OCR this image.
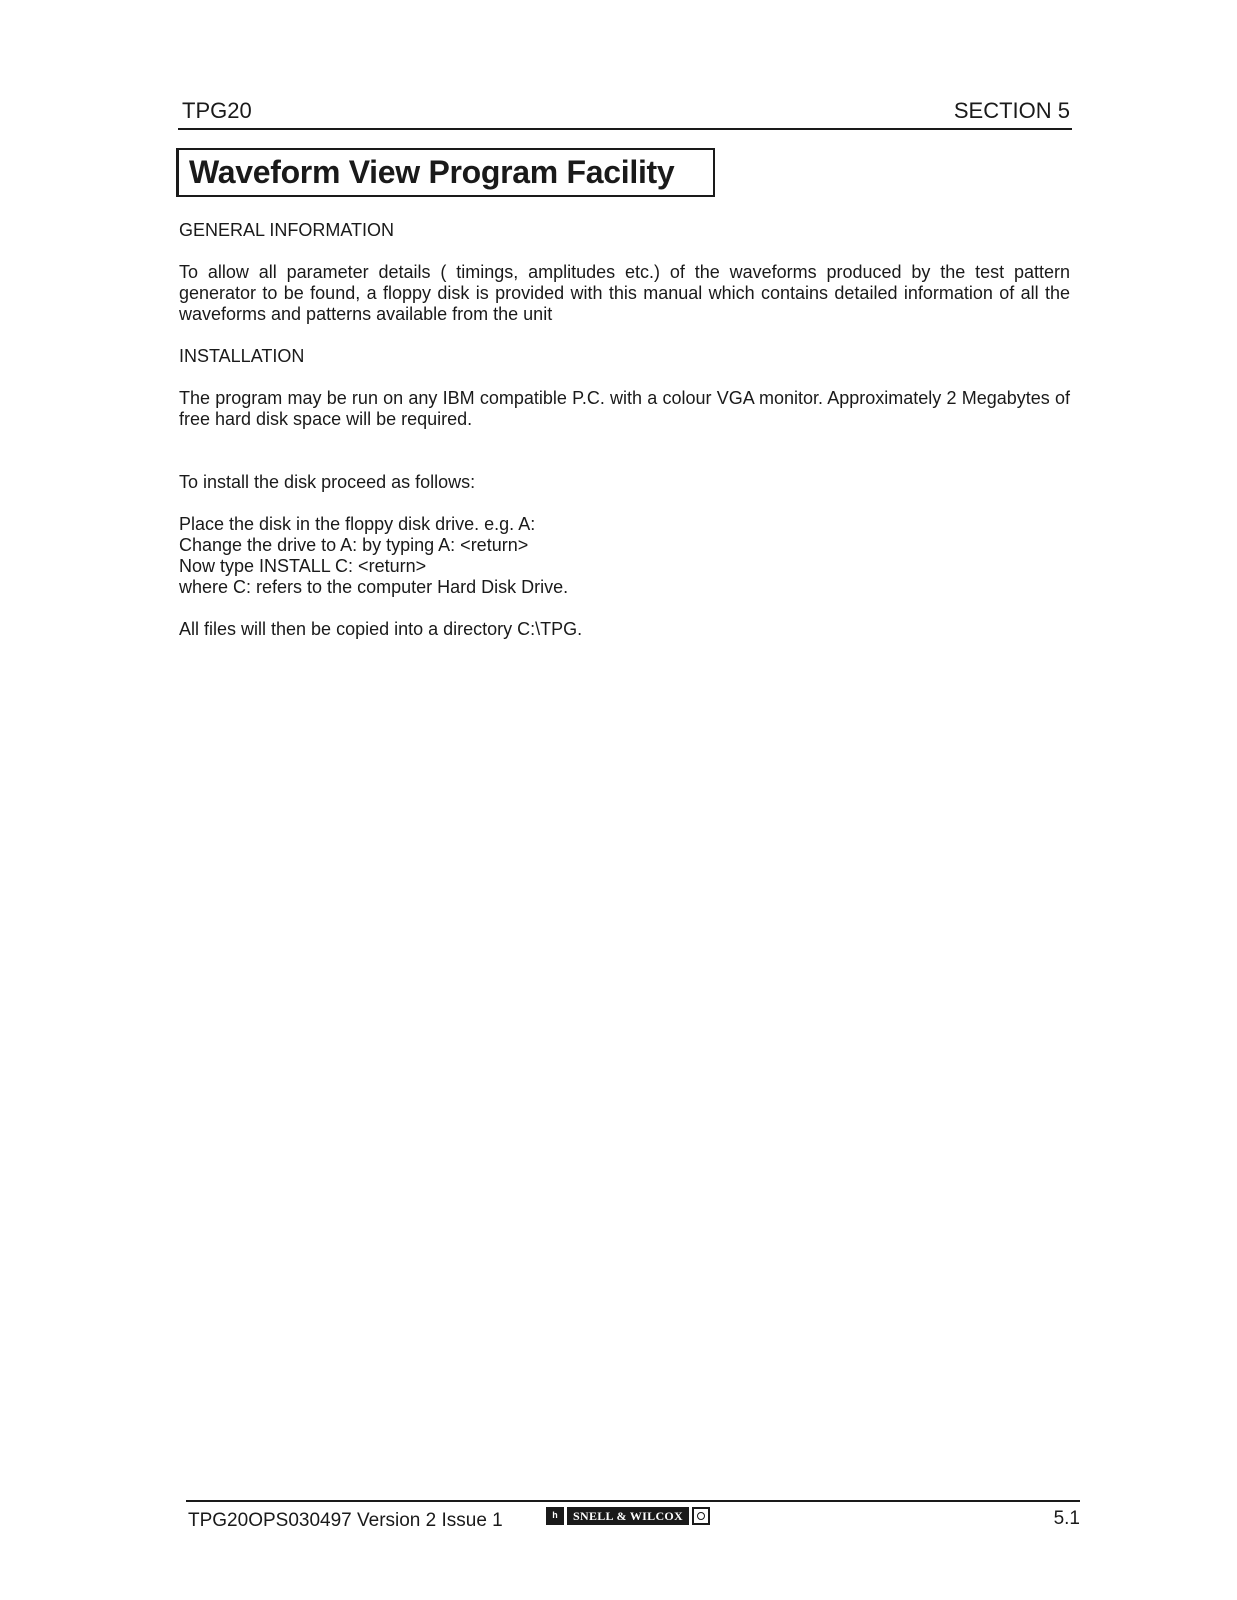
TPG20	SECTION 5
Waveform View Program Facility

GENERAL INFORMATION

To allow all parameter details ( timings, amplitudes etc.) of the waveforms produced by the test pattern generator to be found, a floppy disk is provided with this manual which contains detailed information of all the waveforms and patterns available from the unit

INSTALLATION

The program may be run on any IBM compatible P.C. with a colour VGA monitor. Approximately 2 Megabytes of free hard disk space will be required.

To install the disk proceed as follows:

Place the disk in the floppy disk drive. e.g. A:

Change the drive to A: by typing A: <return>

Now type INSTALL C: <return>

where C: refers to the computer Hard Disk Drive.

All files will then be copied into a directory C:\TPG.

TPG20OPS030497 Version 2 Issue 1	ʰ	SNELL & WILCOX	5.1
